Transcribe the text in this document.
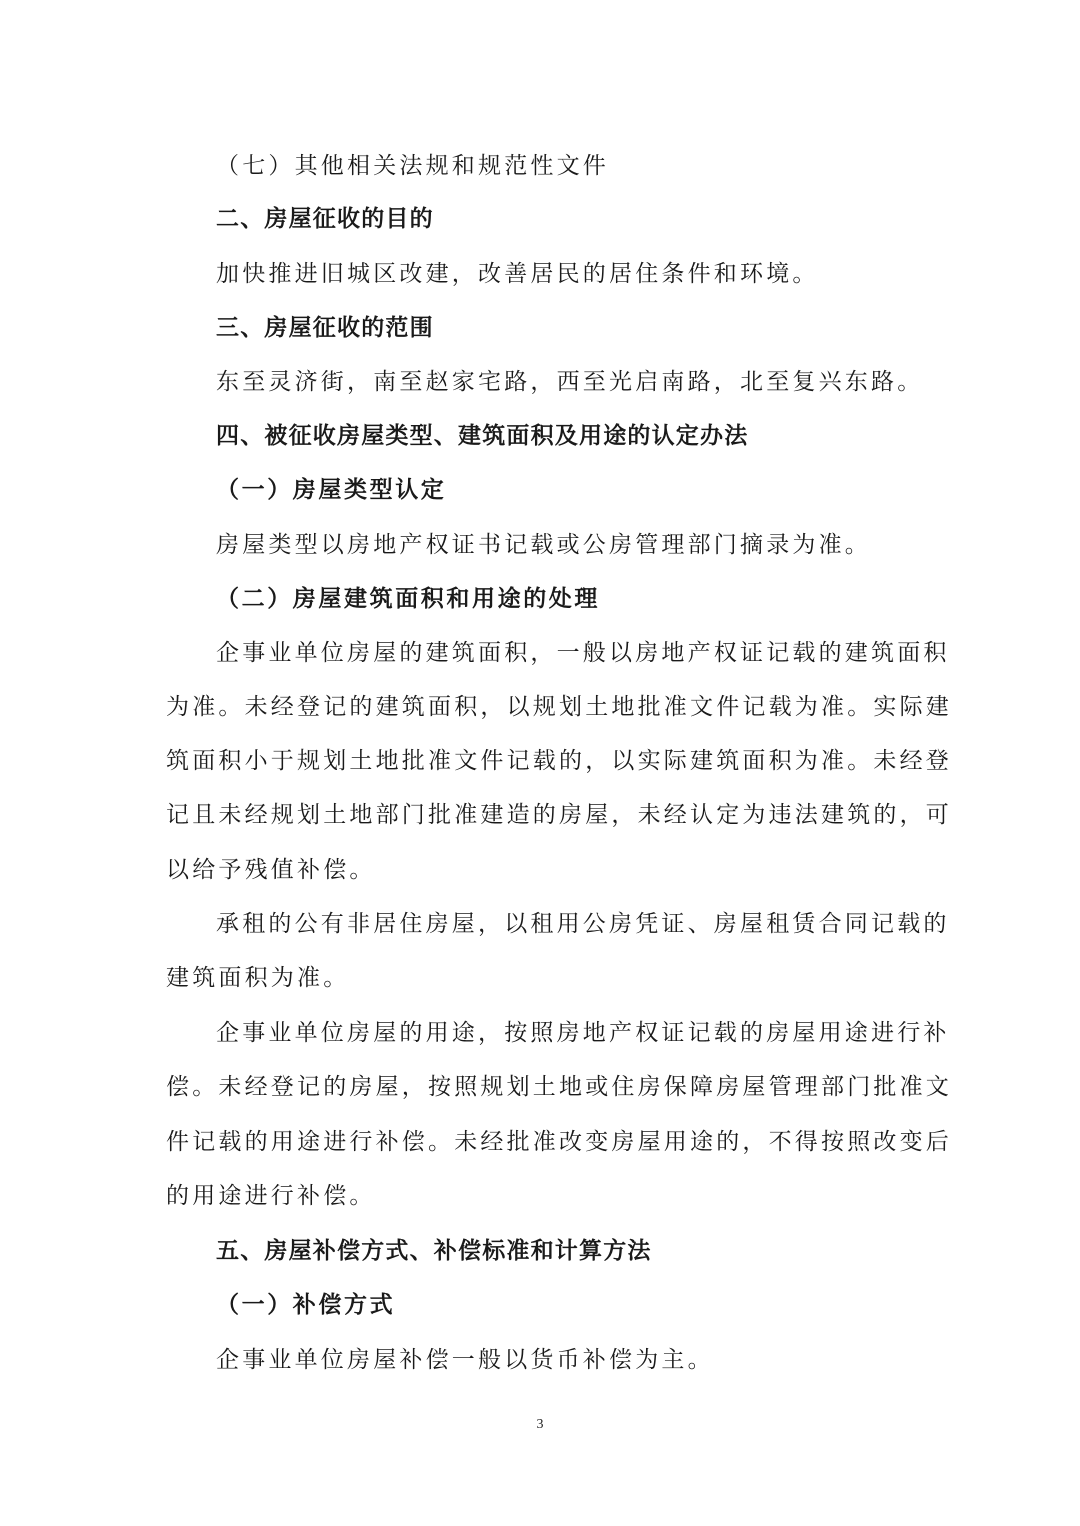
（七）其他相关法规和规范性文件
二、房屋征收的目的
加快推进旧城区改建，改善居民的居住条件和环境。
三、房屋征收的范围
东至灵济街，南至赵家宅路，西至光启南路，北至复兴东路。
四、被征收房屋类型、建筑面积及用途的认定办法
（一）房屋类型认定
房屋类型以房地产权证书记载或公房管理部门摘录为准。
（二）房屋建筑面积和用途的处理
企事业单位房屋的建筑面积，一般以房地产权证记载的建筑面积
为准。未经登记的建筑面积，以规划土地批准文件记载为准。实际建
筑面积小于规划土地批准文件记载的，以实际建筑面积为准。未经登
记且未经规划土地部门批准建造的房屋，未经认定为违法建筑的，可
以给予残值补偿。
承租的公有非居住房屋，以租用公房凭证、房屋租赁合同记载的
建筑面积为准。
企事业单位房屋的用途，按照房地产权证记载的房屋用途进行补
偿。未经登记的房屋，按照规划土地或住房保障房屋管理部门批准文
件记载的用途进行补偿。未经批准改变房屋用途的，不得按照改变后
的用途进行补偿。
五、房屋补偿方式、补偿标准和计算方法
（一）补偿方式
企事业单位房屋补偿一般以货币补偿为主。
3
